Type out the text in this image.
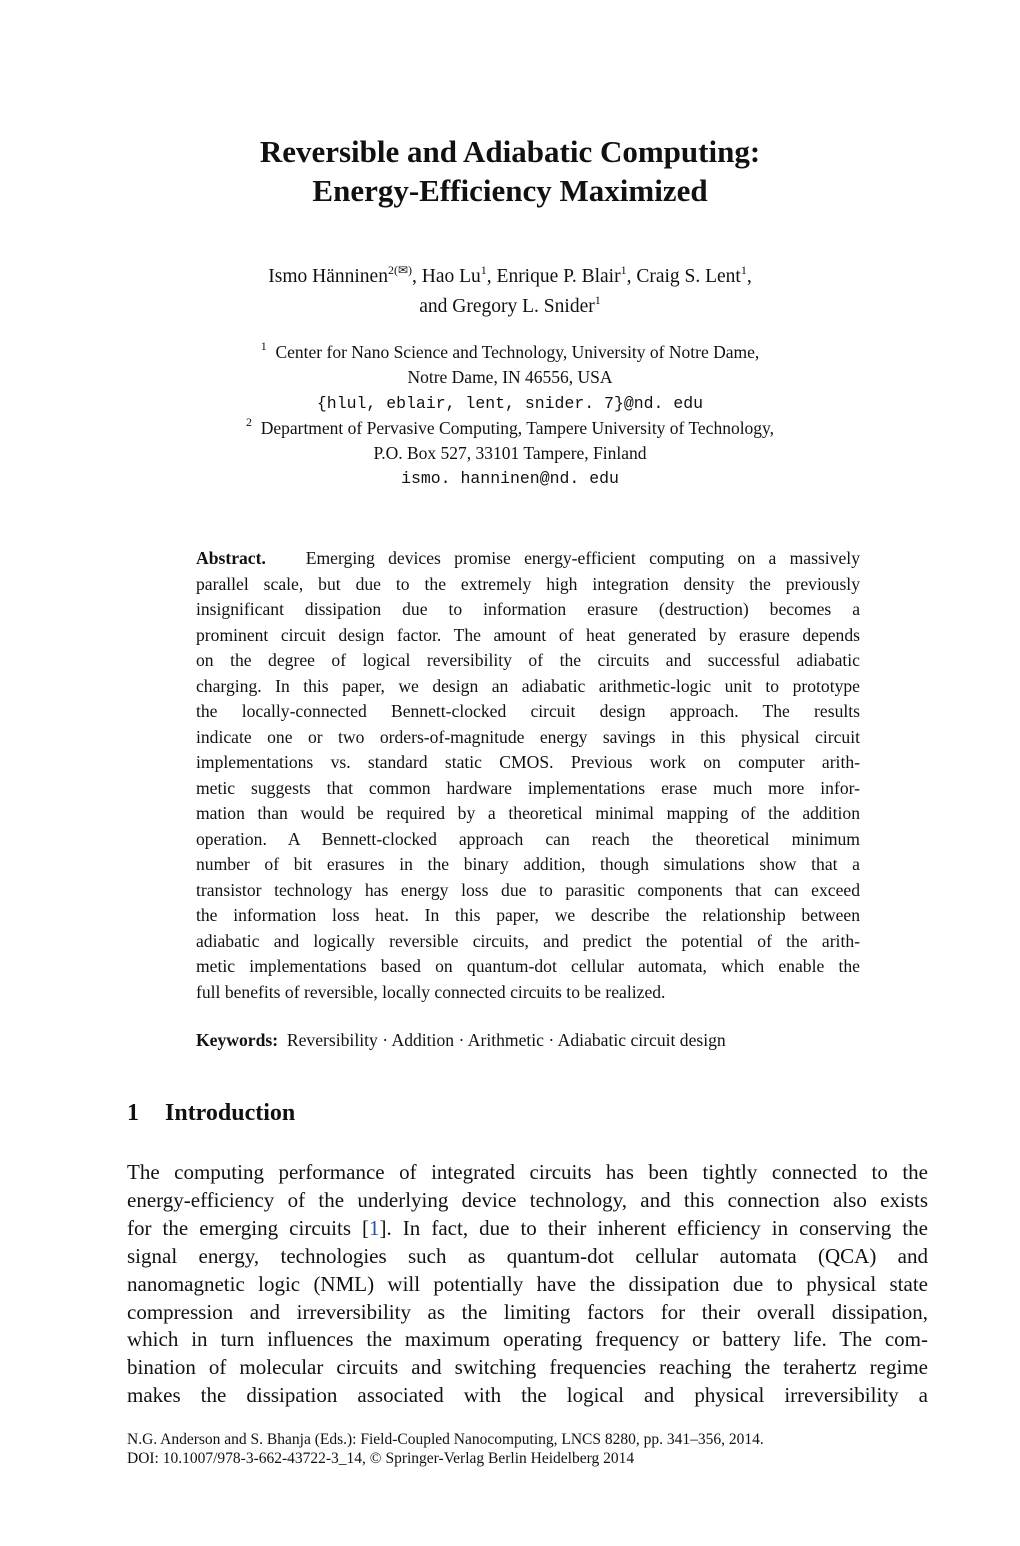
Reversible and Adiabatic Computing:
Energy-Efficiency Maximized
Ismo Hänninen$^{2(✉)}$, Hao Lu$^1$, Enrique P. Blair$^1$, Craig S. Lent$^1$,
and Gregory L. Snider$^1$
$^1$ Center for Nano Science and Technology, University of Notre Dame,
Notre Dame, IN 46556, USA
{hlul, eblair, lent, snider. 7}@nd. edu
$^2$ Department of Pervasive Computing, Tampere University of Technology,
P.O. Box 527, 33101 Tampere, Finland
ismo. hanninen@nd. edu
Abstract. Emerging devices promise energy-efficient computing on a massively
parallel scale, but due to the extremely high integration density the previously
insignificant dissipation due to information erasure (destruction) becomes a
prominent circuit design factor. The amount of heat generated by erasure depends
on the degree of logical reversibility of the circuits and successful adiabatic
charging. In this paper, we design an adiabatic arithmetic-logic unit to prototype
the locally-connected Bennett-clocked circuit design approach. The results
indicate one or two orders-of-magnitude energy savings in this physical circuit
implementations vs. standard static CMOS. Previous work on computer arith-
metic suggests that common hardware implementations erase much more infor-
mation than would be required by a theoretical minimal mapping of the addition
operation. A Bennett-clocked approach can reach the theoretical minimum
number of bit erasures in the binary addition, though simulations show that a
transistor technology has energy loss due to parasitic components that can exceed
the information loss heat. In this paper, we describe the relationship between
adiabatic and logically reversible circuits, and predict the potential of the arith-
metic implementations based on quantum-dot cellular automata, which enable the
full benefits of reversible, locally connected circuits to be realized.
Keywords: Reversibility · Addition · Arithmetic · Adiabatic circuit design
1 Introduction
The computing performance of integrated circuits has been tightly connected to the
energy-efficiency of the underlying device technology, and this connection also exists
for the emerging circuits [1]. In fact, due to their inherent efficiency in conserving the
signal energy, technologies such as quantum-dot cellular automata (QCA) and
nanomagnetic logic (NML) will potentially have the dissipation due to physical state
compression and irreversibility as the limiting factors for their overall dissipation,
which in turn influences the maximum operating frequency or battery life. The com-
bination of molecular circuits and switching frequencies reaching the terahertz regime
makes the dissipation associated with the logical and physical irreversibility a
N.G. Anderson and S. Bhanja (Eds.): Field-Coupled Nanocomputing, LNCS 8280, pp. 341–356, 2014.
DOI: 10.1007/978-3-662-43722-3_14, © Springer-Verlag Berlin Heidelberg 2014
